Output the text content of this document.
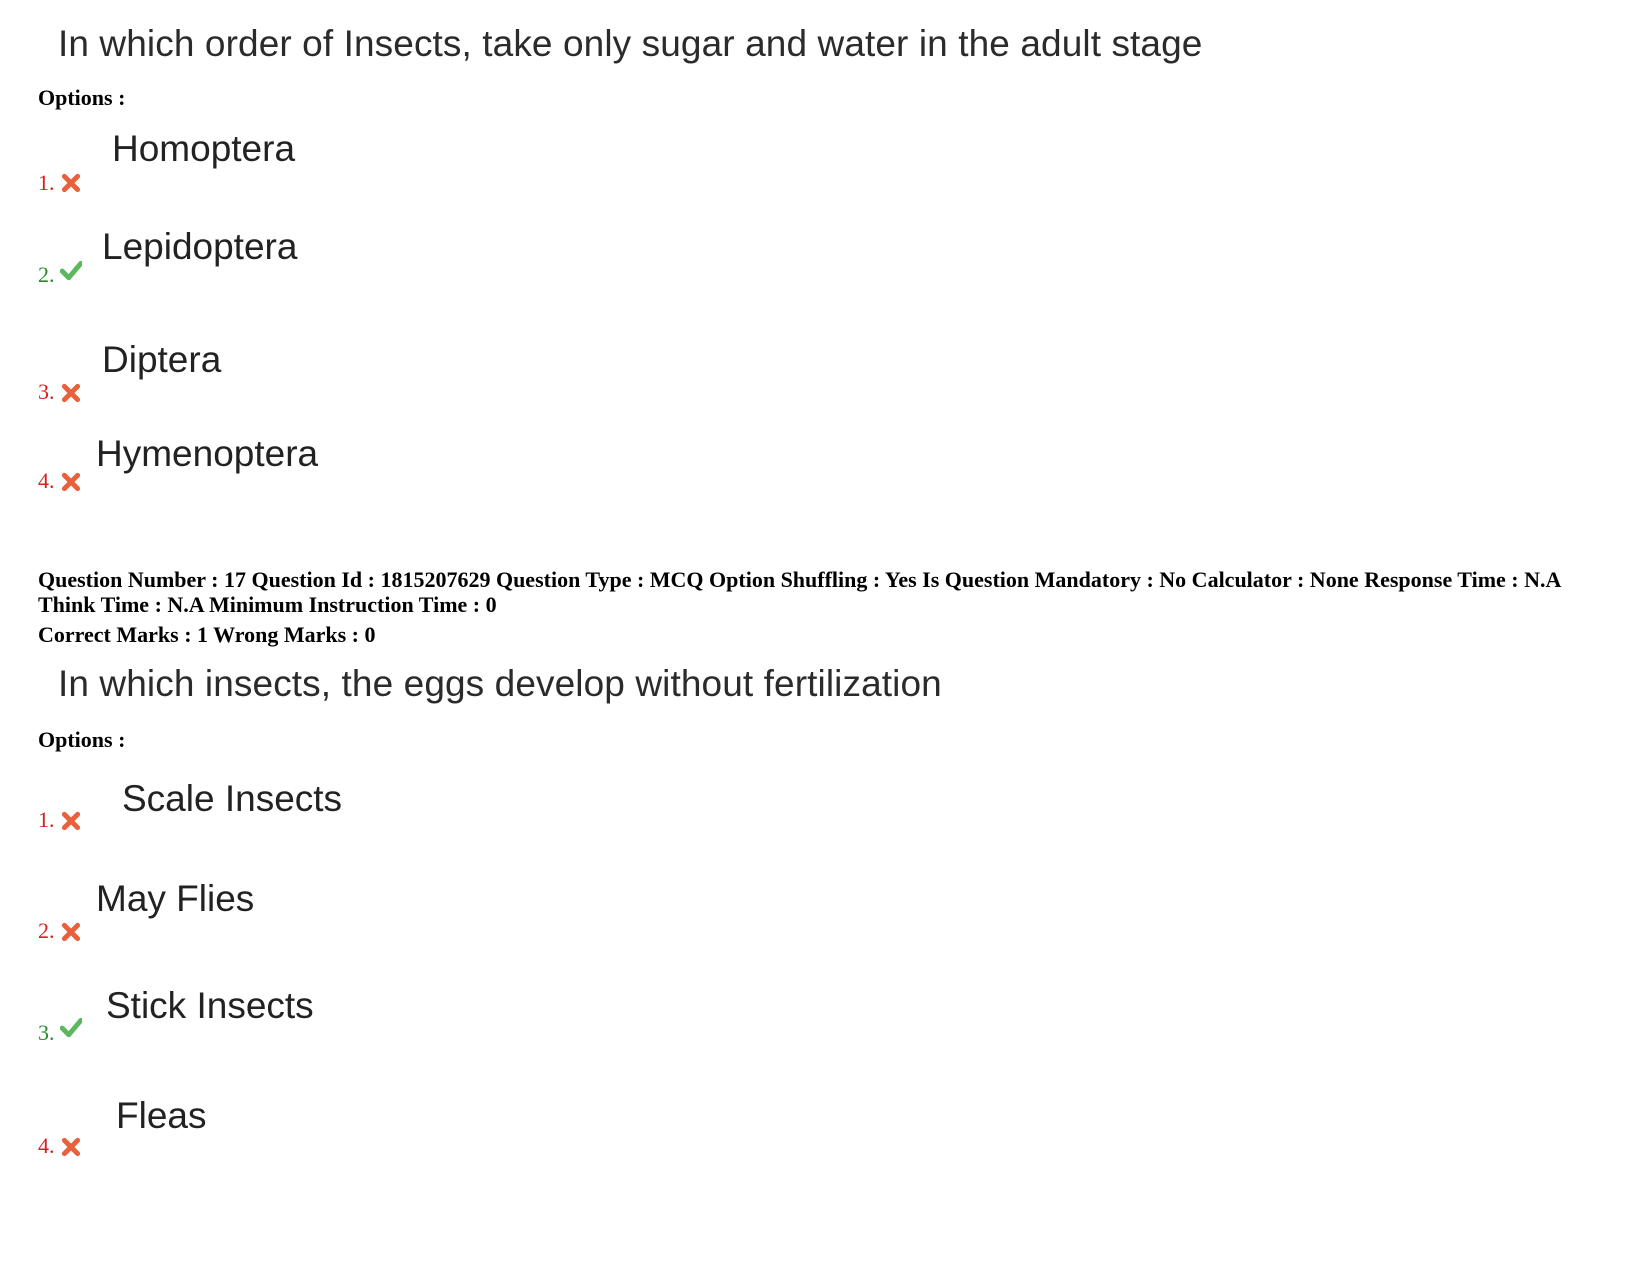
In which order of Insects, take only sugar and water in the adult stage
Options :
Homoptera
1.
Lepidoptera
2.
Diptera
3.
Hymenoptera
4.
Question Number : 17 Question Id : 1815207629 Question Type : MCQ Option Shuffling : Yes Is Question Mandatory : No Calculator : None Response Time : N.A
Think Time : N.A Minimum Instruction Time : 0
Correct Marks : 1 Wrong Marks : 0
In which insects, the eggs develop without fertilization
Options :
Scale Insects
1.
May Flies
2.
Stick Insects
3.
Fleas
4.
